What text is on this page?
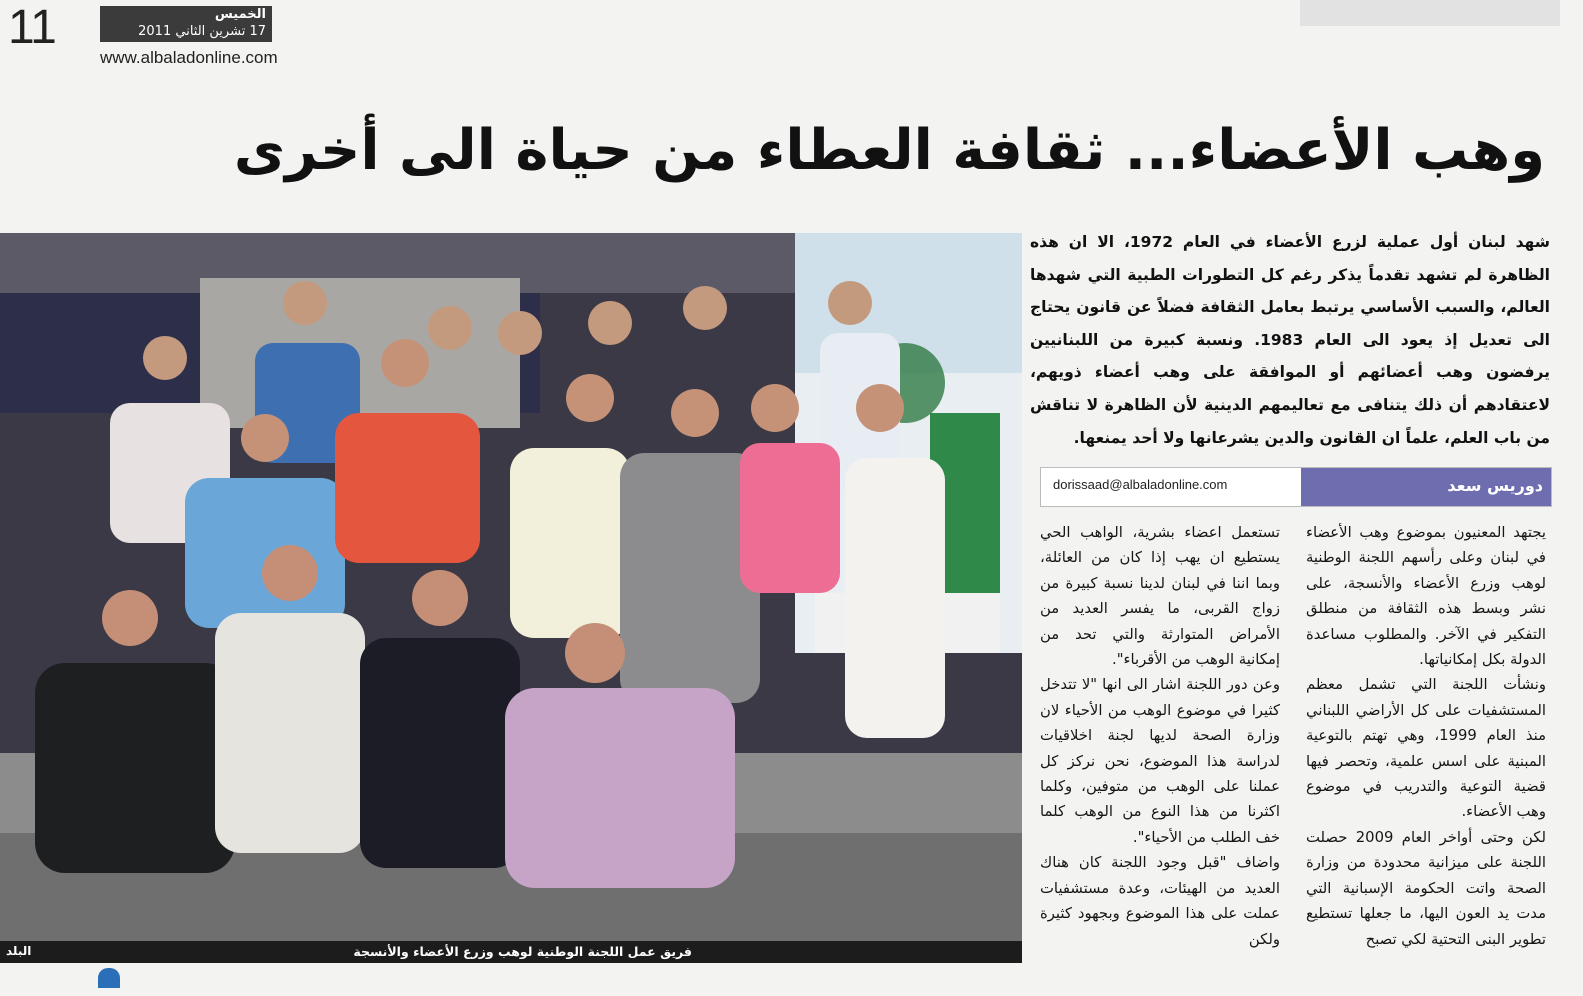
11	الخميس
17 تشرين الثاني 2011
www.albaladonline.com
وهب الأعضاء... ثقافة العطاء من حياة الى أخرى
شهد لبنان أول عملية لزرع الأعضاء في العام 1972، الا ان هذه الظاهرة لم تشهد تقدماً يذكر رغم كل التطورات الطبية التي شهدها العالم، والسبب الأساسي يرتبط بعامل الثقافة فضلاً عن قانون يحتاج الى تعديل إذ يعود الى العام 1983. ونسبة كبيرة من اللبنانيين يرفضون وهب أعضائهم أو الموافقة على وهب أعضاء ذويهم، لاعتقادهم أن ذلك يتنافى مع تعاليمهم الدينية لأن الظاهرة لا تناقش من باب العلم، علماً ان القانون والدين يشرعانها ولا أحد يمنعها.
دوريس سعد
dorissaad@albaladonline.com

يجتهد المعنيون بموضوع وهب الأعضاء في لبنان وعلى رأسهم اللجنة الوطنية لوهب وزرع الأعضاء والأنسجة، على نشر وبسط هذه الثقافة من منطلق التفكير في الآخر. والمطلوب مساعدة الدولة بكل إمكانياتها.

ونشأت اللجنة التي تشمل معظم المستشفيات على كل الأراضي اللبناني منذ العام 1999، وهي تهتم بالتوعية المبنية على اسس علمية، وتحصر فيها قضية التوعية والتدريب في موضوع وهب الأعضاء.

لكن وحتى أواخر العام 2009 حصلت اللجنة على ميزانية محدودة من وزارة الصحة واتت الحكومة الإسبانية التي مدت يد العون اليها، ما جعلها تستطيع تطوير البنى التحتية لكي تصبح

تستعمل اعضاء بشرية، الواهب الحي يستطيع ان يهب إذا كان من العائلة، وبما اننا في لبنان لدينا نسبة كبيرة من زواج القربى، ما يفسر العديد من الأمراض المتوارثة والتي تحد من إمكانية الوهب من الأقرباء".

وعن دور اللجنة اشار الى انها "لا تتدخل كثيرا في موضوع الوهب من الأحياء لان وزارة الصحة لديها لجنة اخلاقيات لدراسة هذا الموضوع، نحن نركز كل عملنا على الوهب من متوفين، وكلما اكثرنا من هذا النوع من الوهب كلما خف الطلب من الأحياء".

واضاف "قبل وجود اللجنة كان هناك العديد من الهيئات، وعدة مستشفيات عملت على هذا الموضوع وبجهود كثيرة ولكن

فريق عمل اللجنة الوطنية لوهب وزرع الأعضاء والأنسجة
البلد
